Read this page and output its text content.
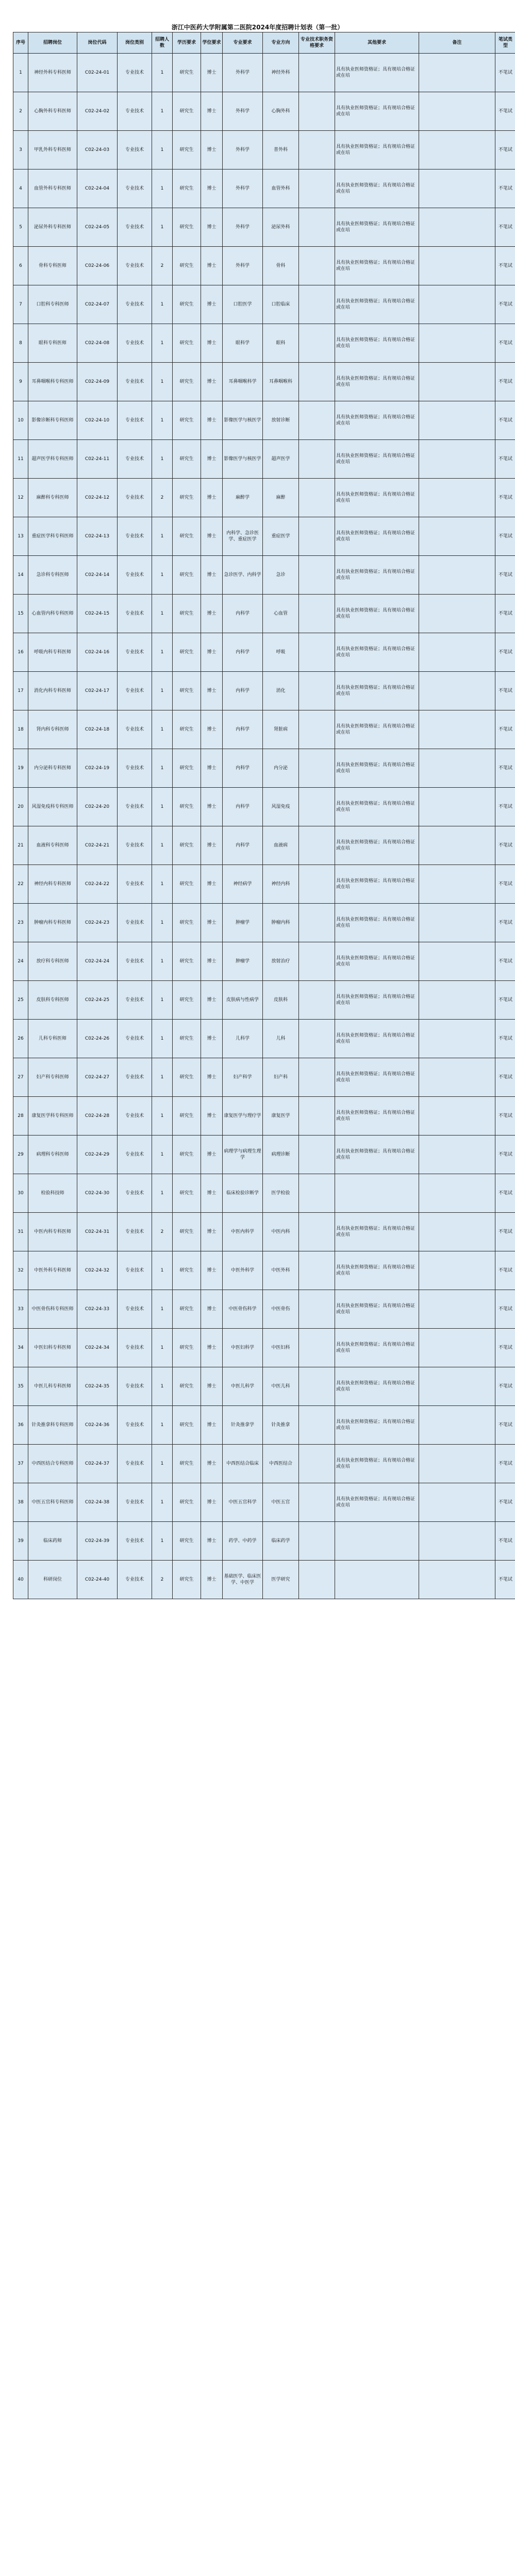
浙江中医药大学附属第二医院2024年度招聘计划表（第一批）
序号	招聘岗位	岗位代码	岗位类别	招聘人数	学历要求	学位要求	专业要求	专业方向	专业技术职务资格要求	其他要求	备注	笔试类型
1	神经外科专科医师	C02-24-01	专业技术	1	研究生	博士	外科学	神经外科		具有执业医师资格证；具有规培合格证或在培		不笔试
2	心胸外科专科医师	C02-24-02	专业技术	1	研究生	博士	外科学	心胸外科		具有执业医师资格证；具有规培合格证或在培		不笔试
3	甲乳外科专科医师	C02-24-03	专业技术	1	研究生	博士	外科学	普外科		具有执业医师资格证；具有规培合格证或在培		不笔试
4	血管外科专科医师	C02-24-04	专业技术	1	研究生	博士	外科学	血管外科		具有执业医师资格证；具有规培合格证或在培		不笔试
5	泌尿外科专科医师	C02-24-05	专业技术	1	研究生	博士	外科学	泌尿外科		具有执业医师资格证；具有规培合格证或在培		不笔试
6	骨科专科医师	C02-24-06	专业技术	2	研究生	博士	外科学	骨科		具有执业医师资格证；具有规培合格证或在培		不笔试
7	口腔科专科医师	C02-24-07	专业技术	1	研究生	博士	口腔医学	口腔临床		具有执业医师资格证；具有规培合格证或在培		不笔试
8	眼科专科医师	C02-24-08	专业技术	1	研究生	博士	眼科学	眼科		具有执业医师资格证；具有规培合格证或在培		不笔试
9	耳鼻咽喉科专科医师	C02-24-09	专业技术	1	研究生	博士	耳鼻咽喉科学	耳鼻咽喉科		具有执业医师资格证；具有规培合格证或在培		不笔试
10	影像诊断科专科医师	C02-24-10	专业技术	1	研究生	博士	影像医学与核医学	放射诊断		具有执业医师资格证；具有规培合格证或在培		不笔试
11	超声医学科专科医师	C02-24-11	专业技术	1	研究生	博士	影像医学与核医学	超声医学		具有执业医师资格证；具有规培合格证或在培		不笔试
12	麻醉科专科医师	C02-24-12	专业技术	2	研究生	博士	麻醉学	麻醉		具有执业医师资格证；具有规培合格证或在培		不笔试
13	重症医学科专科医师	C02-24-13	专业技术	1	研究生	博士	内科学、急诊医学、重症医学	重症医学		具有执业医师资格证；具有规培合格证或在培		不笔试
14	急诊科专科医师	C02-24-14	专业技术	1	研究生	博士	急诊医学、内科学	急诊		具有执业医师资格证；具有规培合格证或在培		不笔试
15	心血管内科专科医师	C02-24-15	专业技术	1	研究生	博士	内科学	心血管		具有执业医师资格证；具有规培合格证或在培		不笔试
16	呼吸内科专科医师	C02-24-16	专业技术	1	研究生	博士	内科学	呼吸		具有执业医师资格证；具有规培合格证或在培		不笔试
17	消化内科专科医师	C02-24-17	专业技术	1	研究生	博士	内科学	消化		具有执业医师资格证；具有规培合格证或在培		不笔试
18	肾内科专科医师	C02-24-18	专业技术	1	研究生	博士	内科学	肾脏病		具有执业医师资格证；具有规培合格证或在培		不笔试
19	内分泌科专科医师	C02-24-19	专业技术	1	研究生	博士	内科学	内分泌		具有执业医师资格证；具有规培合格证或在培		不笔试
20	风湿免疫科专科医师	C02-24-20	专业技术	1	研究生	博士	内科学	风湿免疫		具有执业医师资格证；具有规培合格证或在培		不笔试
21	血液科专科医师	C02-24-21	专业技术	1	研究生	博士	内科学	血液病		具有执业医师资格证；具有规培合格证或在培		不笔试
22	神经内科专科医师	C02-24-22	专业技术	1	研究生	博士	神经病学	神经内科		具有执业医师资格证；具有规培合格证或在培		不笔试
23	肿瘤内科专科医师	C02-24-23	专业技术	1	研究生	博士	肿瘤学	肿瘤内科		具有执业医师资格证；具有规培合格证或在培		不笔试
24	放疗科专科医师	C02-24-24	专业技术	1	研究生	博士	肿瘤学	放射治疗		具有执业医师资格证；具有规培合格证或在培		不笔试
25	皮肤科专科医师	C02-24-25	专业技术	1	研究生	博士	皮肤病与性病学	皮肤科		具有执业医师资格证；具有规培合格证或在培		不笔试
26	儿科专科医师	C02-24-26	专业技术	1	研究生	博士	儿科学	儿科		具有执业医师资格证；具有规培合格证或在培		不笔试
27	妇产科专科医师	C02-24-27	专业技术	1	研究生	博士	妇产科学	妇产科		具有执业医师资格证；具有规培合格证或在培		不笔试
28	康复医学科专科医师	C02-24-28	专业技术	1	研究生	博士	康复医学与理疗学	康复医学		具有执业医师资格证；具有规培合格证或在培		不笔试
29	病理科专科医师	C02-24-29	专业技术	1	研究生	博士	病理学与病理生理学	病理诊断		具有执业医师资格证；具有规培合格证或在培		不笔试
30	检验科技师	C02-24-30	专业技术	1	研究生	博士	临床检验诊断学	医学检验				不笔试
31	中医内科专科医师	C02-24-31	专业技术	2	研究生	博士	中医内科学	中医内科		具有执业医师资格证；具有规培合格证或在培		不笔试
32	中医外科专科医师	C02-24-32	专业技术	1	研究生	博士	中医外科学	中医外科		具有执业医师资格证；具有规培合格证或在培		不笔试
33	中医骨伤科专科医师	C02-24-33	专业技术	1	研究生	博士	中医骨伤科学	中医骨伤		具有执业医师资格证；具有规培合格证或在培		不笔试
34	中医妇科专科医师	C02-24-34	专业技术	1	研究生	博士	中医妇科学	中医妇科		具有执业医师资格证；具有规培合格证或在培		不笔试
35	中医儿科专科医师	C02-24-35	专业技术	1	研究生	博士	中医儿科学	中医儿科		具有执业医师资格证；具有规培合格证或在培		不笔试
36	针灸推拿科专科医师	C02-24-36	专业技术	1	研究生	博士	针灸推拿学	针灸推拿		具有执业医师资格证；具有规培合格证或在培		不笔试
37	中西医结合专科医师	C02-24-37	专业技术	1	研究生	博士	中西医结合临床	中西医结合		具有执业医师资格证；具有规培合格证或在培		不笔试
38	中医五官科专科医师	C02-24-38	专业技术	1	研究生	博士	中医五官科学	中医五官		具有执业医师资格证；具有规培合格证或在培		不笔试
39	临床药师	C02-24-39	专业技术	1	研究生	博士	药学、中药学	临床药学				不笔试
40	科研岗位	C02-24-40	专业技术	2	研究生	博士	基础医学、临床医学、中医学	医学研究				不笔试
